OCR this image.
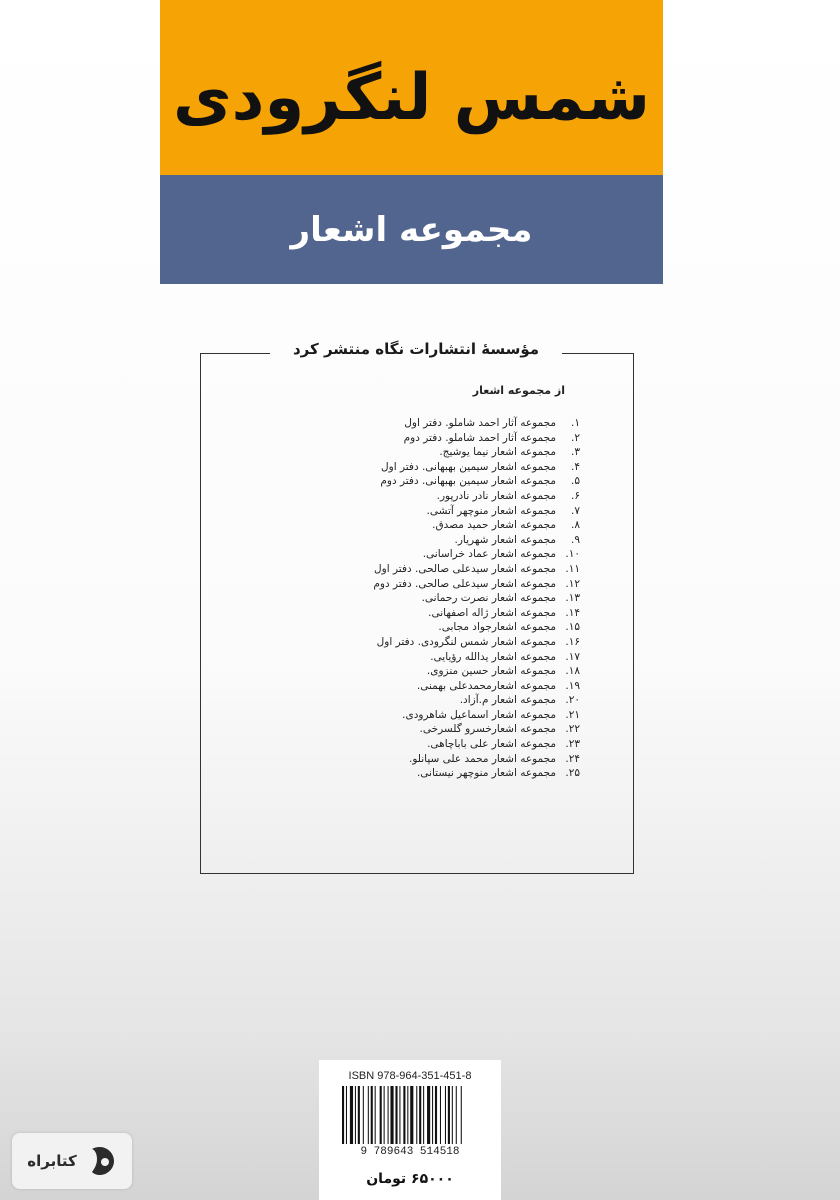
شمس لنگرودی
مجموعه اشعار
مؤسسهٔ انتشارات نگاه منتشر کرد
از مجموعه اشعار
۱.
مجموعه آثار احمد شاملو. دفتر اول
۲.
مجموعه آثار احمد شاملو. دفتر دوم
۳.
مجموعه اشعار نیما یوشیج.
۴.
مجموعه اشعار سیمین بهبهانی. دفتر اول
۵.
مجموعه اشعار سیمین بهبهانی. دفتر دوم
۶.
مجموعه اشعار نادر نادرپور.
۷.
مجموعه اشعار منوچهر آتشی.
۸.
مجموعه اشعار حمید مصدق.
۹.
مجموعه اشعار شهریار.
۱۰.
مجموعه اشعار عماد خراسانی.
۱۱.
مجموعه اشعار سیدعلی صالحی. دفتر اول
۱۲.
مجموعه اشعار سیدعلی صالحی. دفتر دوم
۱۳.
مجموعه اشعار نصرت رحمانی.
۱۴.
مجموعه اشعار ژاله اصفهانی.
۱۵.
مجموعه اشعارجواد مجابی.
۱۶.
مجموعه اشعار شمس لنگرودی. دفتر اول
۱۷.
مجموعه اشعار یدالله رؤیایی.
۱۸.
مجموعه اشعار حسین منزوی.
۱۹.
مجموعه اشعارمحمدعلی بهمنی.
۲۰.
مجموعه اشعار م.آزاد.
۲۱.
مجموعه اشعار اسماعیل شاهرودی.
۲۲.
مجموعه اشعارخسرو گلسرخی.
۲۳.
مجموعه اشعار علی باباچاهی.
۲۴.
مجموعه اشعار محمد علی سپانلو.
۲۵.
مجموعه اشعار منوچهر نیستانی.
ISBN 978-964-351-451-8
9 789643 514518
۶۵۰۰۰ تومان
کتابراه
